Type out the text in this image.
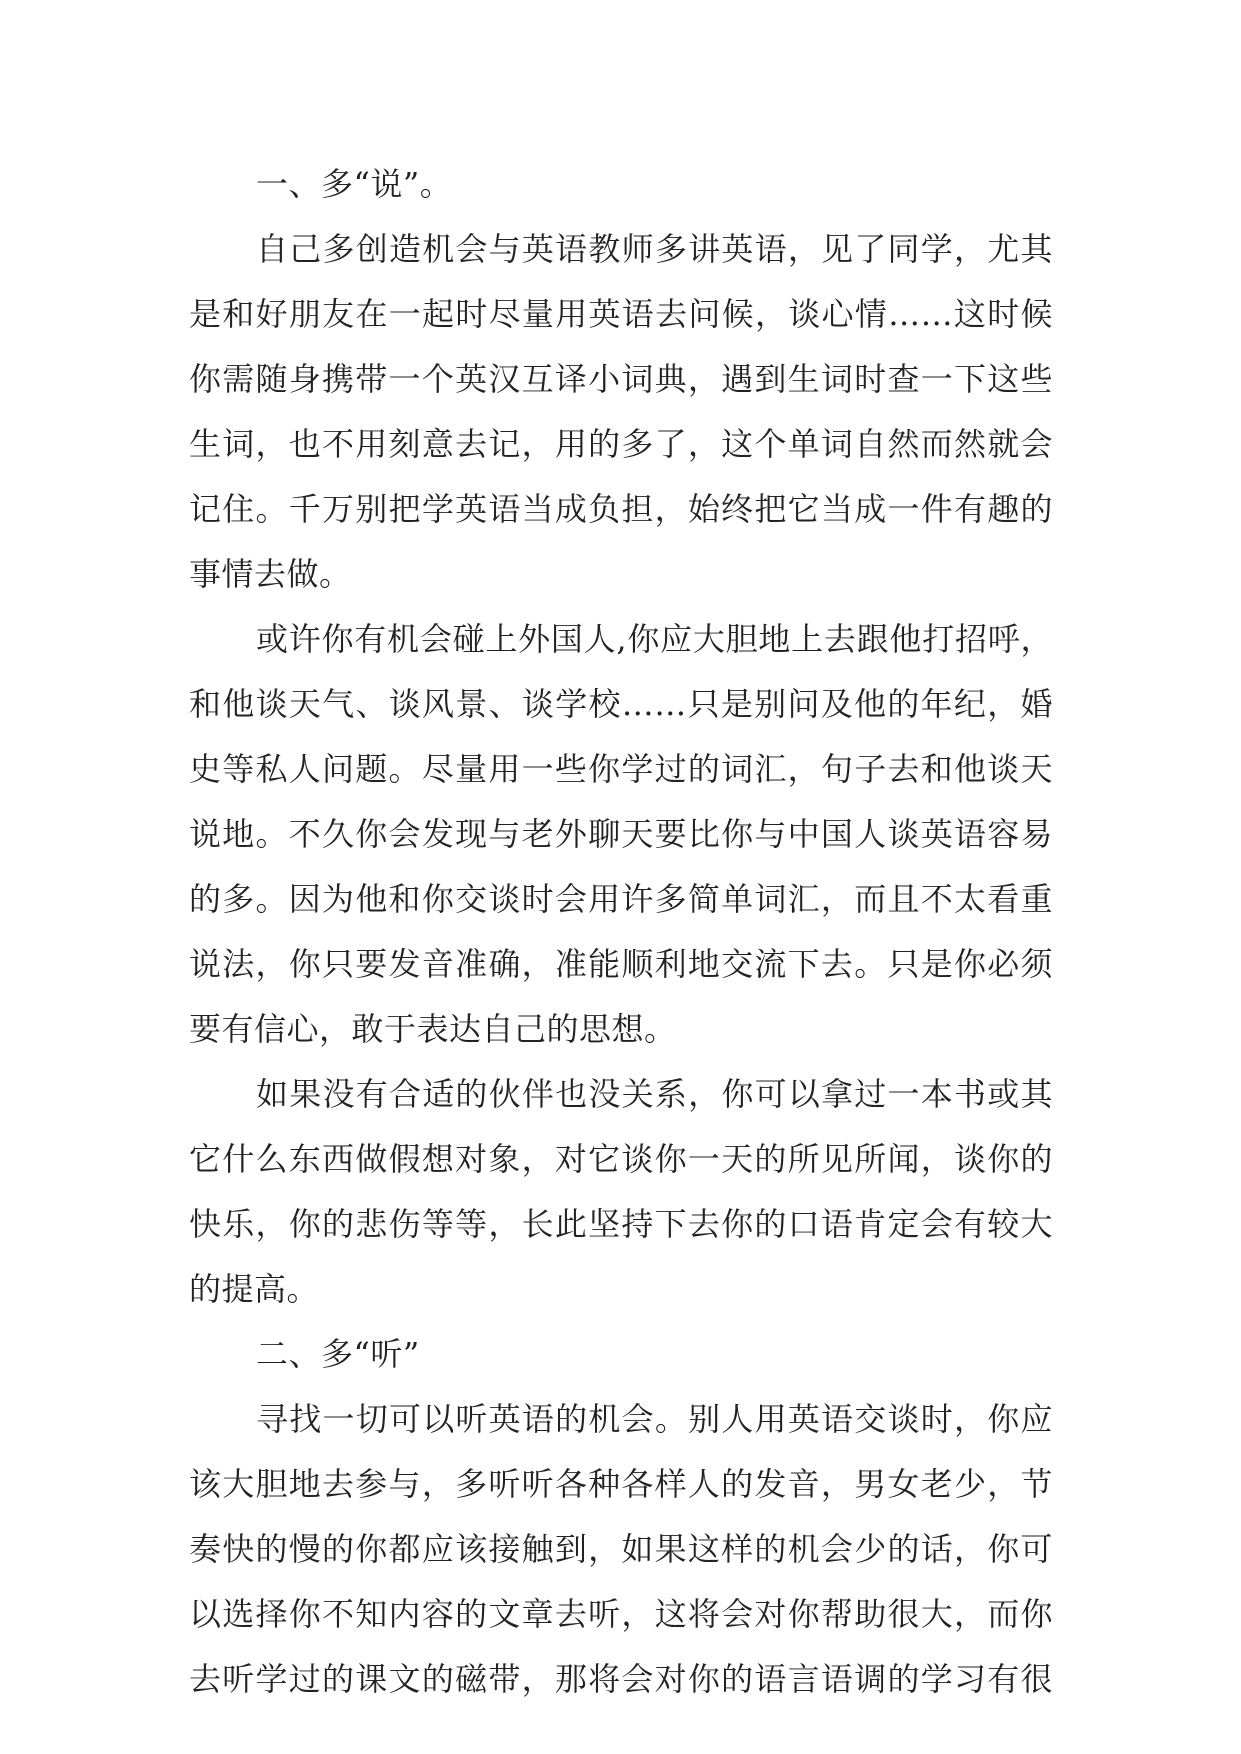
一、多“说”。
自己多创造机会与英语教师多讲英语，见了同学，尤其
是和好朋友在一起时尽量用英语去问候，谈心情……这时候
你需随身携带一个英汉互译小词典，遇到生词时查一下这些
生词，也不用刻意去记，用的多了，这个单词自然而然就会
记住。千万别把学英语当成负担，始终把它当成一件有趣的
事情去做。
或许你有机会碰上外国人,你应大胆地上去跟他打招呼，
和他谈天气、谈风景、谈学校……只是别问及他的年纪，婚
史等私人问题。尽量用一些你学过的词汇，句子去和他谈天
说地。不久你会发现与老外聊天要比你与中国人谈英语容易
的多。因为他和你交谈时会用许多简单词汇，而且不太看重
说法，你只要发音准确，准能顺利地交流下去。只是你必须
要有信心，敢于表达自己的思想。
如果没有合适的伙伴也没关系，你可以拿过一本书或其
它什么东西做假想对象，对它谈你一天的所见所闻，谈你的
快乐，你的悲伤等等，长此坚持下去你的口语肯定会有较大
的提高。
二、多“听”
寻找一切可以听英语的机会。别人用英语交谈时，你应
该大胆地去参与，多听听各种各样人的发音，男女老少，节
奏快的慢的你都应该接触到，如果这样的机会少的话，你可
以选择你不知内容的文章去听，这将会对你帮助很大，而你
去听学过的课文的磁带，那将会对你的语言语调的学习有很
